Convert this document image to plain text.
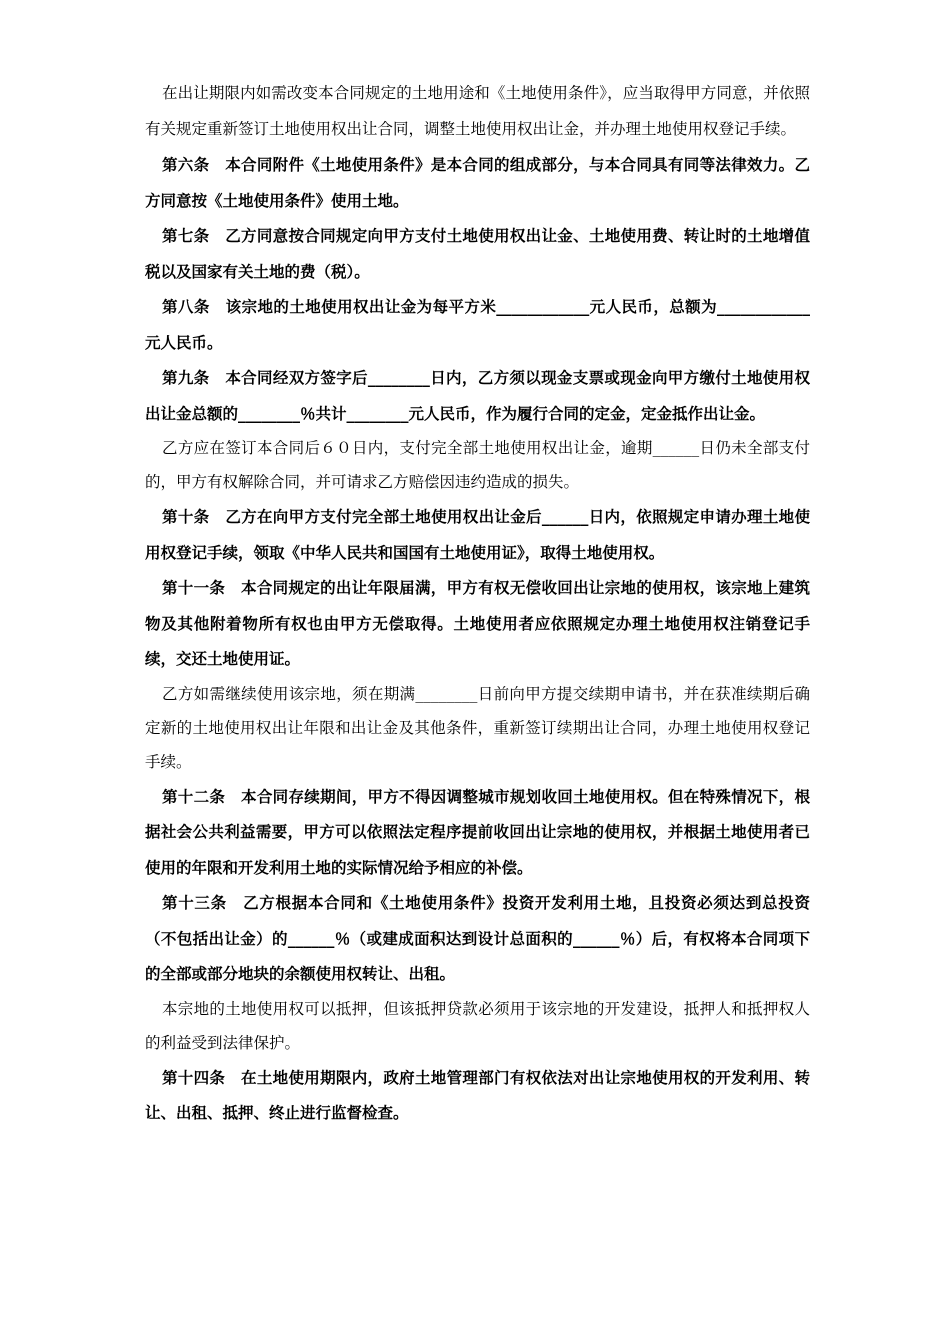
在出让期限内如需改变本合同规定的土地用途和《土地使用条件》，应当取得甲方同意，并依照有关规定重新签订土地使用权出让合同，调整土地使用权出让金，并办理土地使用权登记手续。

第六条　本合同附件《土地使用条件》是本合同的组成部分，与本合同具有同等法律效力。乙方同意按《土地使用条件》使用土地。

第七条　乙方同意按合同规定向甲方支付土地使用权出让金、土地使用费、转让时的土地增值税以及国家有关土地的费（税）。

第八条　该宗地的土地使用权出让金为每平方米____________元人民币，总额为____________元人民币。

第九条　本合同经双方签字后________日内，乙方须以现金支票或现金向甲方缴付土地使用权出让金总额的________％共计________元人民币，作为履行合同的定金，定金抵作出让金。

乙方应在签订本合同后６０日内，支付完全部土地使用权出让金，逾期______日仍未全部支付的，甲方有权解除合同，并可请求乙方赔偿因违约造成的损失。

第十条　乙方在向甲方支付完全部土地使用权出让金后______日内，依照规定申请办理土地使用权登记手续，领取《中华人民共和国国有土地使用证》，取得土地使用权。

第十一条　本合同规定的出让年限届满，甲方有权无偿收回出让宗地的使用权，该宗地上建筑物及其他附着物所有权也由甲方无偿取得。土地使用者应依照规定办理土地使用权注销登记手续，交还土地使用证。

乙方如需继续使用该宗地，须在期满________日前向甲方提交续期申请书，并在获准续期后确定新的土地使用权出让年限和出让金及其他条件，重新签订续期出让合同，办理土地使用权登记手续。

第十二条　本合同存续期间，甲方不得因调整城市规划收回土地使用权。但在特殊情况下，根据社会公共利益需要，甲方可以依照法定程序提前收回出让宗地的使用权，并根据土地使用者已使用的年限和开发利用土地的实际情况给予相应的补偿。

第十三条　乙方根据本合同和《土地使用条件》投资开发利用土地，且投资必须达到总投资（不包括出让金）的______％（或建成面积达到设计总面积的______％）后，有权将本合同项下的全部或部分地块的余额使用权转让、出租。

本宗地的土地使用权可以抵押，但该抵押贷款必须用于该宗地的开发建设，抵押人和抵押权人的利益受到法律保护。

第十四条　在土地使用期限内，政府土地管理部门有权依法对出让宗地使用权的开发利用、转让、出租、抵押、终止进行监督检查。
